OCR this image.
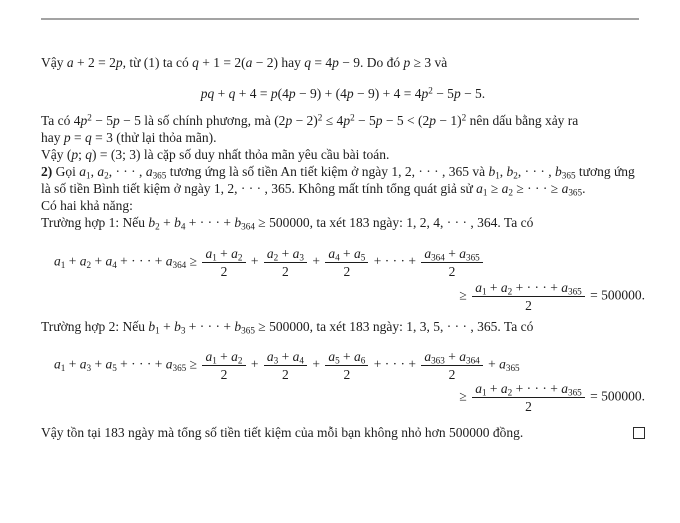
Vậy a + 2 = 2p, từ (1) ta có q + 1 = 2(a − 2) hay q = 4p − 9. Do đó p ≥ 3 và
pq + $q + 4 = p(4p - 9) + (4p - 9) + 4 = 4p^2 - 5p - 5$.
Ta có $4p^2 - 5p - 5$ là số chính phương, mà $(2p - 2)^2 \le 4p^2 - 5p - 5 < (2p - 1)^2$ nên dấu bằng xảy ra
hay p = q = 3 (thử lại thỏa mãn).
Vậy (p; q) = (3; 3) là cặp số duy nhất thỏa mãn yêu cầu bài toán.
2) Gọi $a_1$, $a_2$, · · · , $a_{365}$ tương ứng là số tiền An tiết kiệm ở ngày 1, 2, · · · , 365 và $b_1$, $b_2$, · · · , $b_{365}$ tương ứng
là số tiền Bình tiết kiệm ở ngày 1, 2, · · · , 365. Không mất tính tổng quát giả sử $a_1 \ge a_2$ ≥ · · · ≥ $a_{365}$.
Có hai khả năng:
Trường hợp 1: Nếu $b_2 + b_4$ + · · · + $b_{364} \ge 500000$, ta xét 183 ngày: 1, 2, 4, · · · , 364. Ta có
$a_1 + a_2 + a_4$ + · · · + $a_{364} \ge \frac{a_1 + a_2}{2} + \frac{a_2 + a_3}{2} + \frac{a_4 + a_5}{2}$ + · · · + $\frac{a_{364} + a_{365}}{2}$
≥ $\frac{a_1 + a_2 + \cdot \cdot \cdot + a_{365}}{2} = 500000$.
Trường hợp 2: Nếu $b_1 + b_3$ + · · · + $b_{365} \ge 500000$, ta xét 183 ngày: 1, 3, 5, · · · , 365. Ta có
$a_1 + a_3 + a_5$ + · · · + $a_{365} \ge \frac{a_1 + a_2}{2} + \frac{a_3 + a_4}{2} + \frac{a_5 + a_6}{2}$ + · · · + $\frac{a_{363} + a_{364}}{2} + a_{365}$
≥ $\frac{a_1 + a_2 + \cdot \cdot \cdot + a_{365}}{2} = 500000$.
Vậy tồn tại 183 ngày mà tổng số tiền tiết kiệm của mỗi bạn không nhỏ hơn 500000 đồng.
